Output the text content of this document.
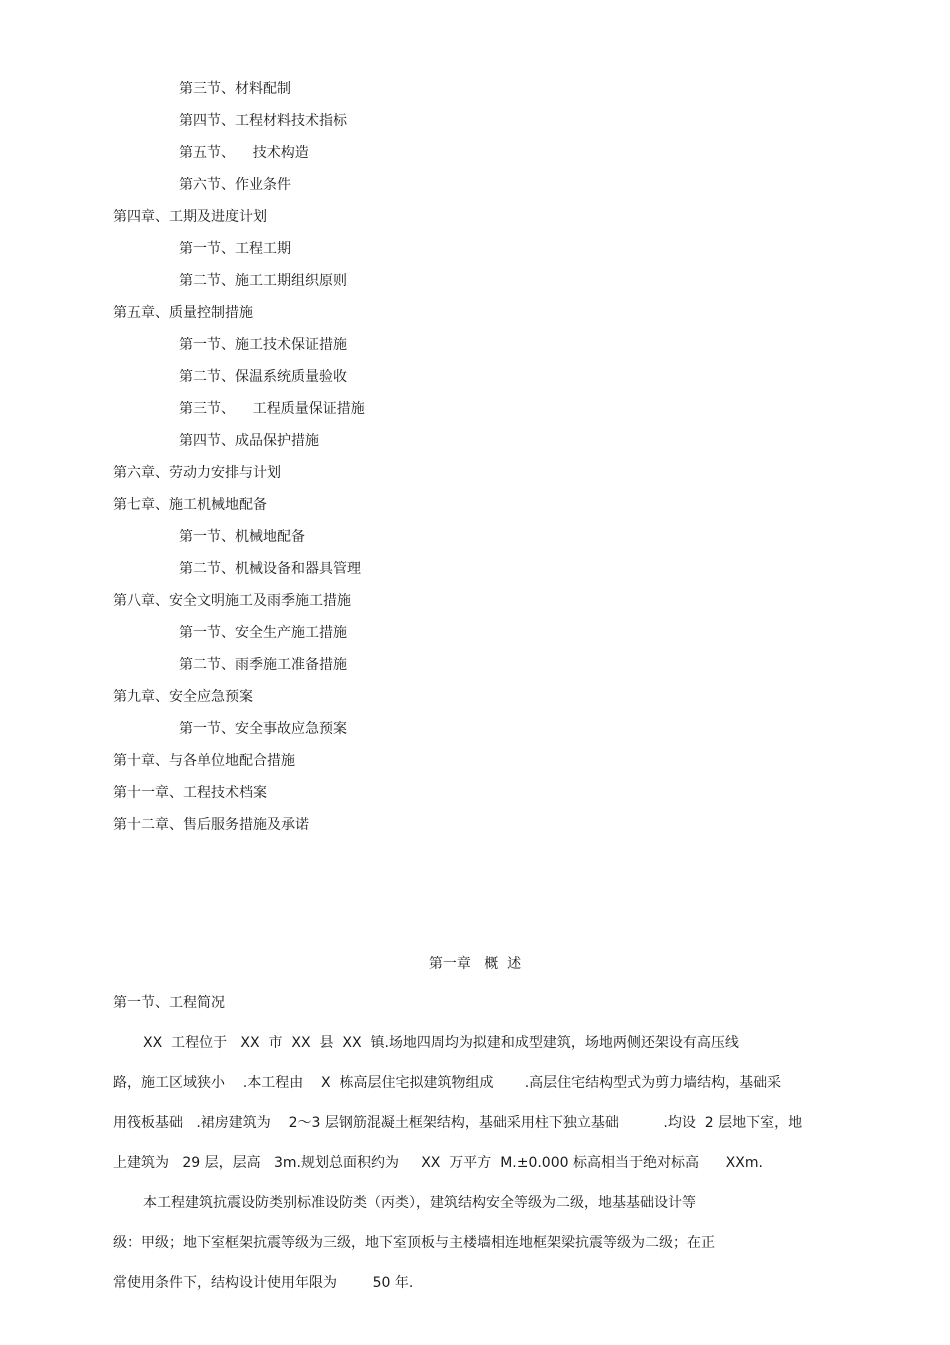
第三节、材料配制
第四节、工程材料技术指标
第五节、    技术构造
第六节、作业条件
第四章、工期及进度计划
第一节、工程工期
第二节、施工工期组织原则
第五章、质量控制措施
第一节、施工技术保证措施
第二节、保温系统质量验收
第三节、    工程质量保证措施
第四节、成品保护措施
第六章、劳动力安排与计划
第七章、施工机械地配备
第一节、机械地配备
第二节、机械设备和器具管理
第八章、安全文明施工及雨季施工措施
第一节、安全生产施工措施
第二节、雨季施工准备措施
第九章、安全应急预案
第一节、安全事故应急预案
第十章、与各单位地配合措施
第十一章、工程技术档案
第十二章、售后服务措施及承诺
第一章   概  述
第一节、工程简况
XX  工程位于   XX  市  XX  县  XX  镇.场地四周均为拟建和成型建筑，场地两侧还架设有高压线
路，施工区域狭小    .本工程由    X  栋高层住宅拟建筑物组成       .高层住宅结构型式为剪力墙结构，基础采
用筏板基础   .裙房建筑为    2～3 层钢筋混凝土框架结构，基础采用柱下独立基础          .均设  2 层地下室，地
上建筑为   29 层，层高   3m.规划总面积约为     XX  万平方  M.±0.000 标高相当于绝对标高      XXm.
本工程建筑抗震设防类别标准设防类（丙类），建筑结构安全等级为二级，地基基础设计等
级：甲级；地下室框架抗震等级为三级，地下室顶板与主楼墙相连地框架梁抗震等级为二级；在正
常使用条件下，结构设计使用年限为        50 年.
